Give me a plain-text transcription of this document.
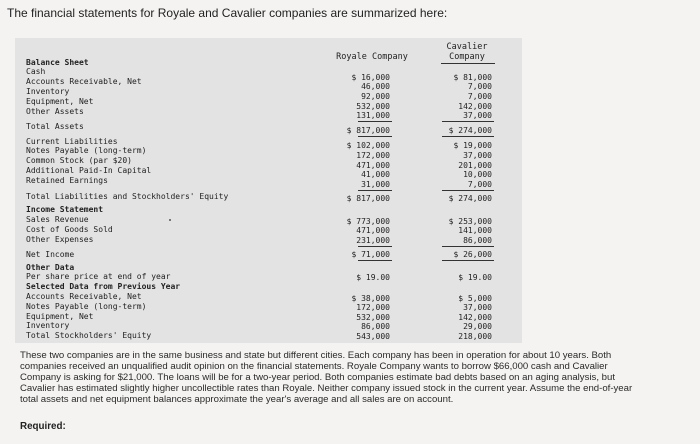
The financial statements for Royale and Cavalier companies are summarized here:
Royale Company
Cavalier
Company
Balance Sheet
Cash
Accounts Receivable, Net
Inventory
Equipment, Net
Other Assets
Total Assets
Current Liabilities
Notes Payable (long-term)
Common Stock (par $20)
Additional Paid-In Capital
Retained Earnings
Total Liabilities and Stockholders' Equity
Income Statement
Sales Revenue
Cost of Goods Sold
Other Expenses
Net Income
Other Data
Per share price at end of year
Selected Data from Previous Year
Accounts Receivable, Net
Notes Payable (long-term)
Equipment, Net
Inventory
Total Stockholders' Equity
$ 16,000
46,000
92,000
532,000
131,000
$ 817,000
$ 102,000
172,000
471,000
41,000
31,000
$ 817,000
$ 773,000
471,000
231,000
$ 71,000
$ 19.00
$ 38,000
172,000
532,000
86,000
543,000
$ 81,000
7,000
7,000
142,000
37,000
$ 274,000
$ 19,000
37,000
201,000
10,000
7,000
$ 274,000
$ 253,000
141,000
86,000
$ 26,000
$ 19.00
$ 5,000
37,000
142,000
29,000
218,000
These two companies are in the same business and state but different cities. Each company has been in operation for about 10 years. Both companies received an unqualified audit opinion on the financial statements. Royale Company wants to borrow $66,000 cash and Cavalier Company is asking for $21,000. The loans will be for a two-year period. Both companies estimate bad debts based on an aging analysis, but Cavalier has estimated slightly higher uncollectible rates than Royale. Neither company issued stock in the current year. Assume the end-of-year total assets and net equipment balances approximate the year's average and all sales are on account.
Required:
